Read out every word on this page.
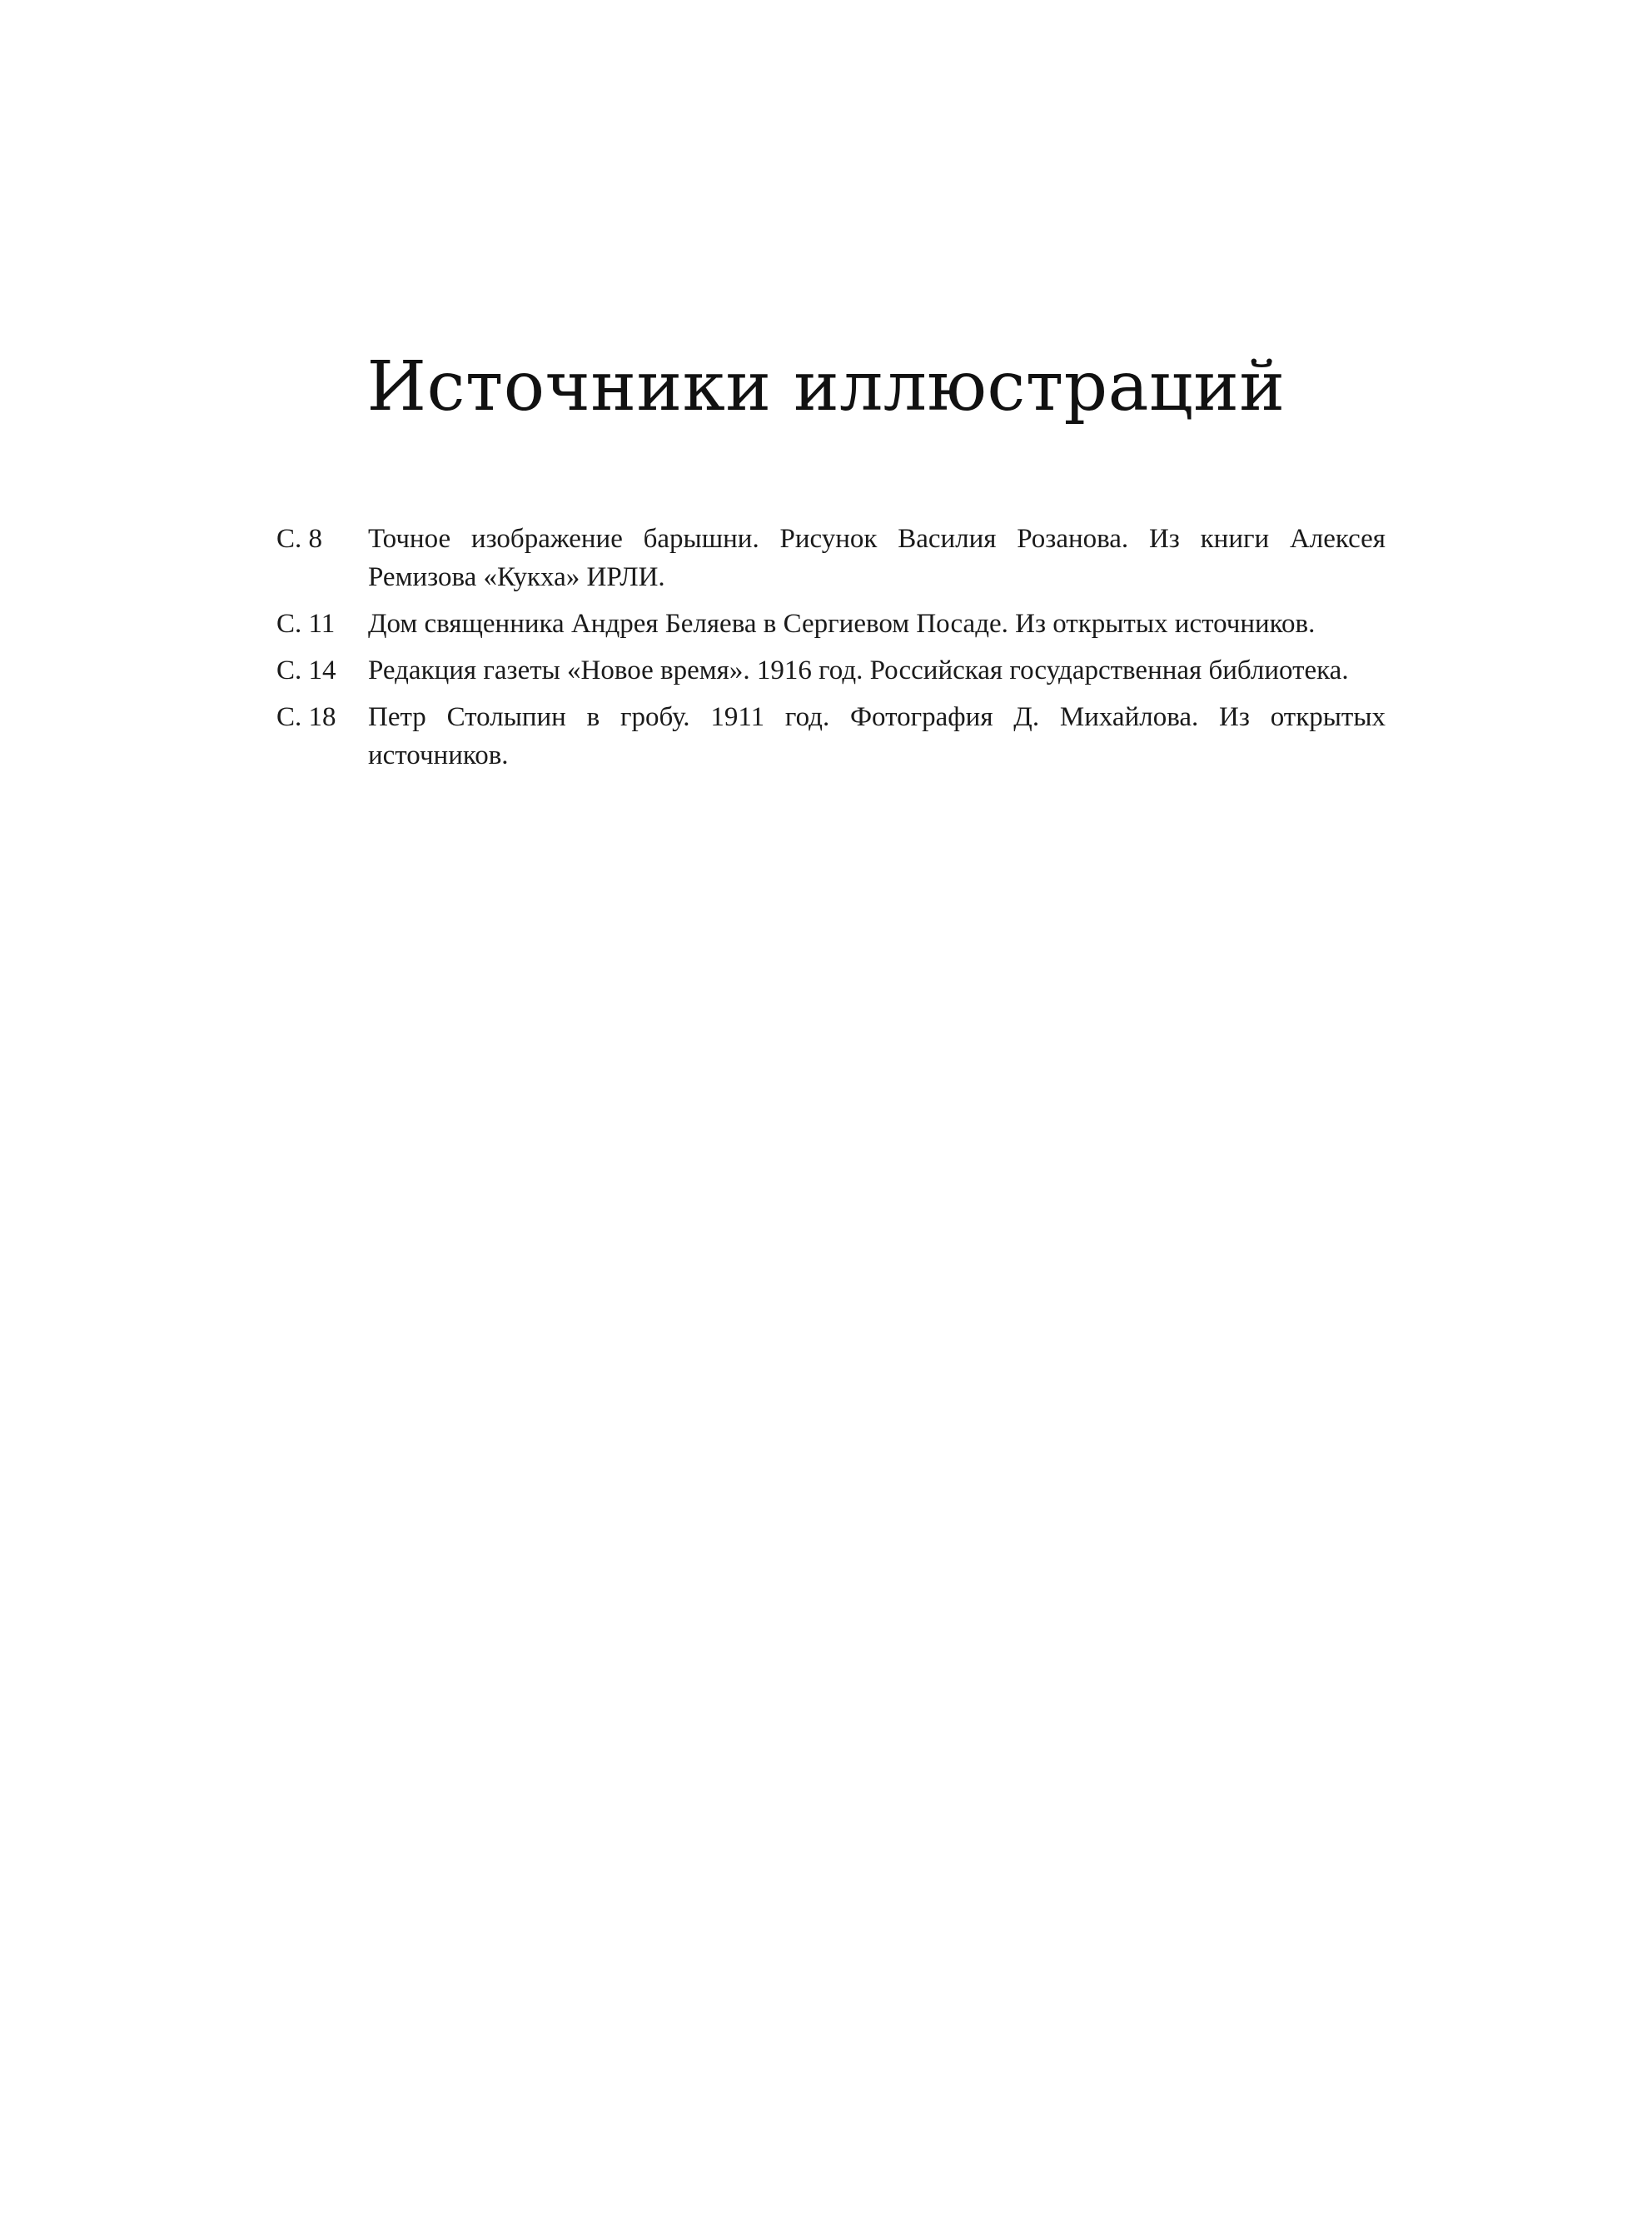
Источники иллюстраций
С. 8	Точное изображение барышни. Рисунок Василия Розанова. Из книги Алексея Ремизова «Кукха» ИРЛИ.
С. 11	Дом священника Андрея Беляева в Сергиевом Посаде. Из открытых источников.
С. 14	Редакция газеты «Новое время». 1916 год. Российская государственная библиотека.
С. 18	Петр Столыпин в гробу. 1911 год. Фотография Д. Михайлова. Из открытых источников.
